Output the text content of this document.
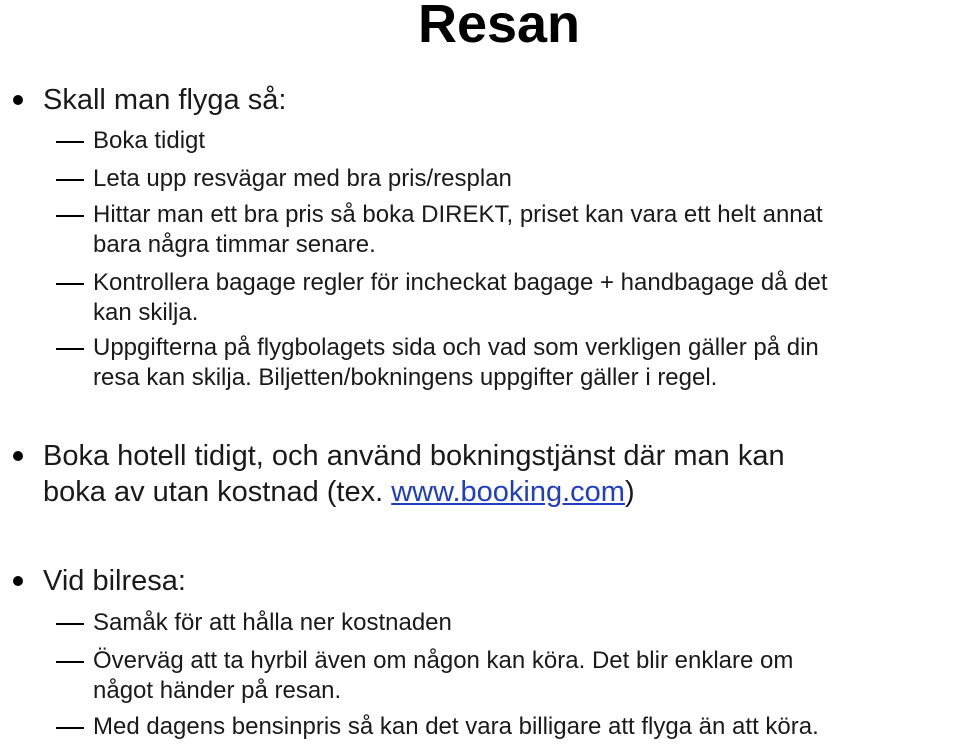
Resan
Skall man flyga så:
Boka tidigt
Leta upp resvägar med bra pris/resplan
Hittar man ett bra pris så boka DIREKT, priset kan vara ett helt annat
bara några timmar senare.
Kontrollera bagage regler för incheckat bagage + handbagage då det
kan skilja.
Uppgifterna på flygbolagets sida och vad som verkligen gäller på din
resa kan skilja. Biljetten/bokningens uppgifter gäller i regel.
Boka hotell tidigt, och använd bokningstjänst där man kan
boka av utan kostnad (tex. www.booking.com)
Vid bilresa:
Samåk för att hålla ner kostnaden
Överväg att ta hyrbil även om någon kan köra. Det blir enklare om
något händer på resan.
Med dagens bensinpris så kan det vara billigare att flyga än att köra.
